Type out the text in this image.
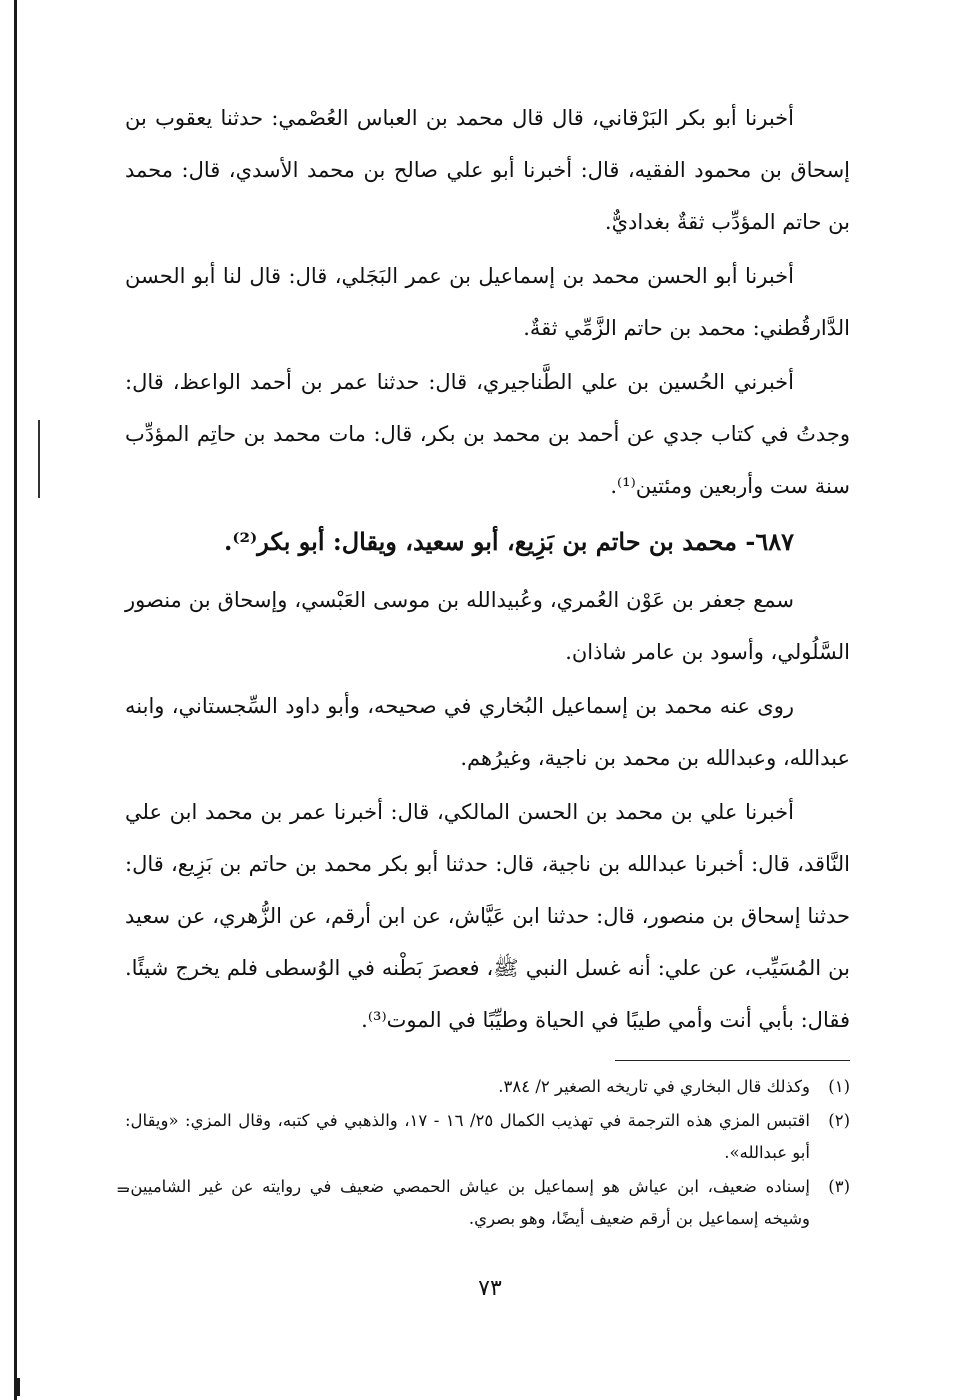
أخبرنا أبو بكر البَرْقاني، قال قال محمد بن العباس العُصْمي: حدثنا يعقوب بن إسحاق بن محمود الفقيه، قال: أخبرنا أبو علي صالح بن محمد الأسدي، قال: محمد بن حاتم المؤدِّب ثقةٌ بغداديٌّ.

أخبرنا أبو الحسن محمد بن إسماعيل بن عمر البَجَلي، قال: قال لنا أبو الحسن الدَّارقُطني: محمد بن حاتم الزَّمِّي ثقةٌ.

أخبرني الحُسين بن علي الطَّناجيري، قال: حدثنا عمر بن أحمد الواعظ، قال: وجدتُ في كتاب جدي عن أحمد بن محمد بن بكر، قال: مات محمد بن حاتِم المؤدِّب سنة ست وأربعين ومئتين⁽¹⁾.

٦٨٧- محمد بن حاتم بن بَزِيع، أبو سعيد، ويقال: أبو بكر⁽²⁾.

سمع جعفر بن عَوْن العُمري، وعُبيدالله بن موسى العَبْسي، وإسحاق بن منصور السَّلُولي، وأسود بن عامر شاذان.

روى عنه محمد بن إسماعيل البُخاري في صحيحه، وأبو داود السِّجستاني، وابنه عبدالله، وعبدالله بن محمد بن ناجية، وغيرُهم.

أخبرنا علي بن محمد بن الحسن المالكي، قال: أخبرنا عمر بن محمد ابن علي النَّاقد، قال: أخبرنا عبدالله بن ناجية، قال: حدثنا أبو بكر محمد بن حاتم بن بَزِيع، قال: حدثنا إسحاق بن منصور، قال: حدثنا ابن عَيَّاش، عن ابن أرقم، عن الزُّهري، عن سعيد بن المُسَيِّب، عن علي: أنه غسل النبي ﷺ، فعصرَ بَطْنه في الوُسطى فلم يخرج شيئًا. فقال: بأبي أنت وأمي طيبًا في الحياة وطيِّبًا في الموت⁽³⁾.

(١)
وكذلك قال البخاري في تاريخه الصغير ٢/ ٣٨٤.
(٢)
اقتبس المزي هذه الترجمة في تهذيب الكمال ٢٥/ ١٦ - ١٧، والذهبي في كتبه، وقال المزي: «ويقال: أبو عبدالله».
(٣)
إسناده ضعيف، ابن عياش هو إسماعيل بن عياش الحمصي ضعيف في روايته عن غير الشاميين، وشيخه إسماعيل بن أرقم ضعيف أيضًا، وهو بصري.
=
٧٣
